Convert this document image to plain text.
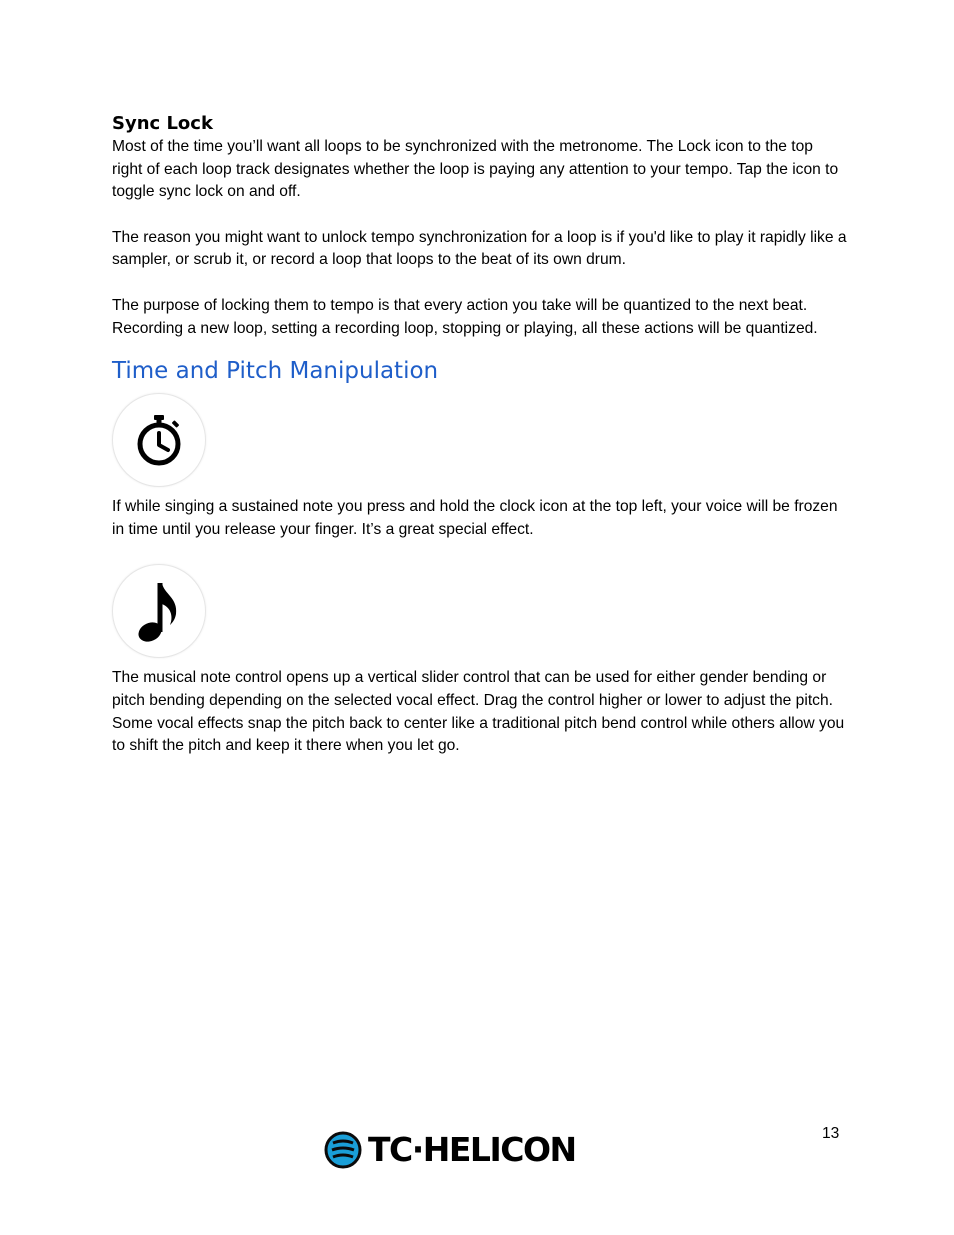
Sync Lock

Most of the time you’ll want all loops to be synchronized with the metronome. The Lock icon to the top right of each loop track designates whether the loop is paying any attention to your tempo. Tap the icon to toggle sync lock on and off.

The reason you might want to unlock tempo synchronization for a loop is if you'd like to play it rapidly like a sampler, or scrub it, or record a loop that loops to the beat of its own drum.

The purpose of locking them to tempo is that every action you take will be quantized to the next beat. Recording a new loop, setting a recording loop, stopping or playing, all these actions will be quantized.

Time and Pitch Manipulation

If while singing a sustained note you press and hold the clock icon at the top left, your voice will be frozen in time until you release your finger. It’s a great special effect.

The musical note control opens up a vertical slider control that can be used for either gender bending or pitch bending depending on the selected vocal effect. Drag the control higher or lower to adjust the pitch. Some vocal effects snap the pitch back to center like a traditional pitch bend control while others allow you to shift the pitch and keep it there when you let go.

TC·HELICON	13
